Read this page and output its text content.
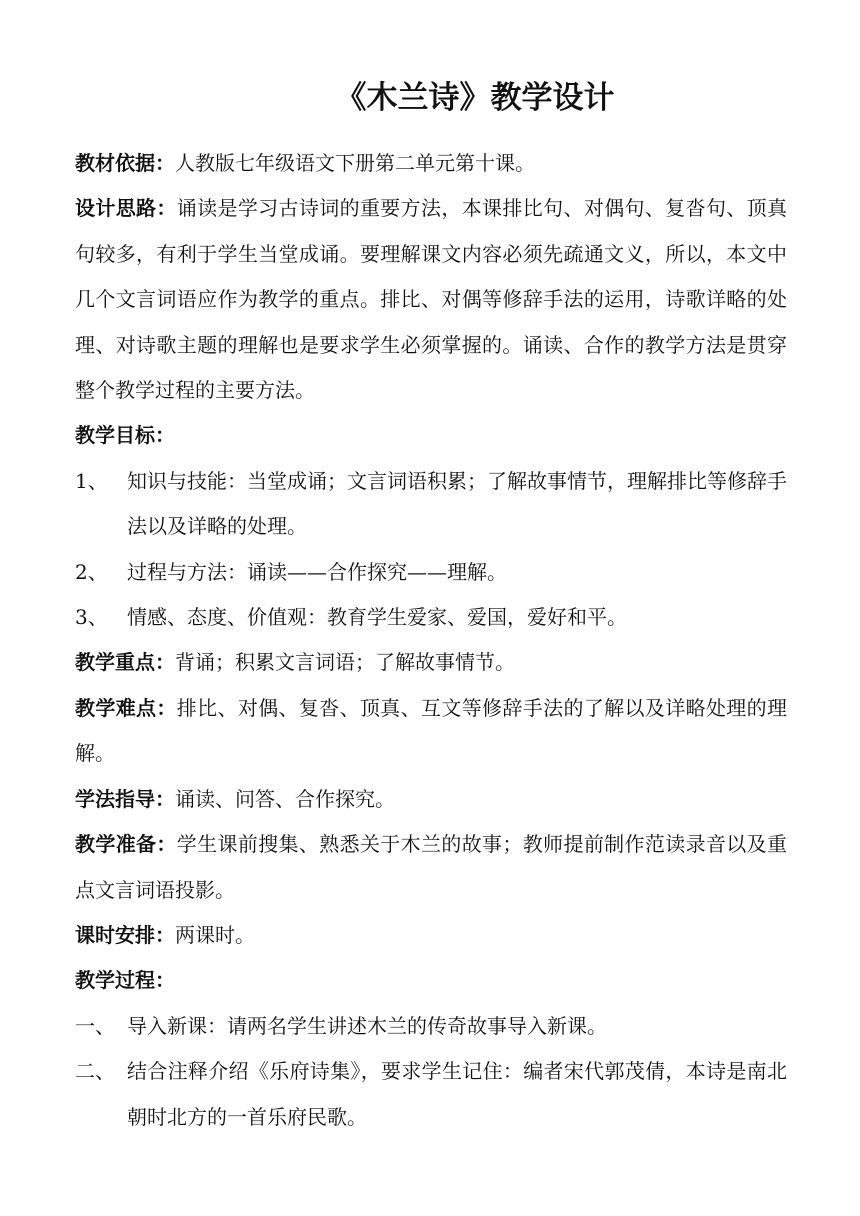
《木兰诗》教学设计

教材依据：人教版七年级语文下册第二单元第十课。

设计思路：诵读是学习古诗词的重要方法，本课排比句、对偶句、复沓句、顶真句较多，有利于学生当堂成诵。要理解课文内容必须先疏通文义，所以，本文中几个文言词语应作为教学的重点。排比、对偶等修辞手法的运用，诗歌详略的处理、对诗歌主题的理解也是要求学生必须掌握的。诵读、合作的教学方法是贯穿整个教学过程的主要方法。

教学目标：

1、 知识与技能：当堂成诵；文言词语积累；了解故事情节，理解排比等修辞手法以及详略的处理。
2、 过程与方法：诵读——合作探究——理解。
3、 情感、态度、价值观：教育学生爱家、爱国，爱好和平。

教学重点：背诵；积累文言词语；了解故事情节。

教学难点：排比、对偶、复沓、顶真、互文等修辞手法的了解以及详略处理的理解。

学法指导：诵读、问答、合作探究。

教学准备：学生课前搜集、熟悉关于木兰的故事；教师提前制作范读录音以及重点文言词语投影。

课时安排：两课时。

教学过程：

一、 导入新课：请两名学生讲述木兰的传奇故事导入新课。
二、 结合注释介绍《乐府诗集》，要求学生记住：编者宋代郭茂倩，本诗是南北朝时北方的一首乐府民歌。
